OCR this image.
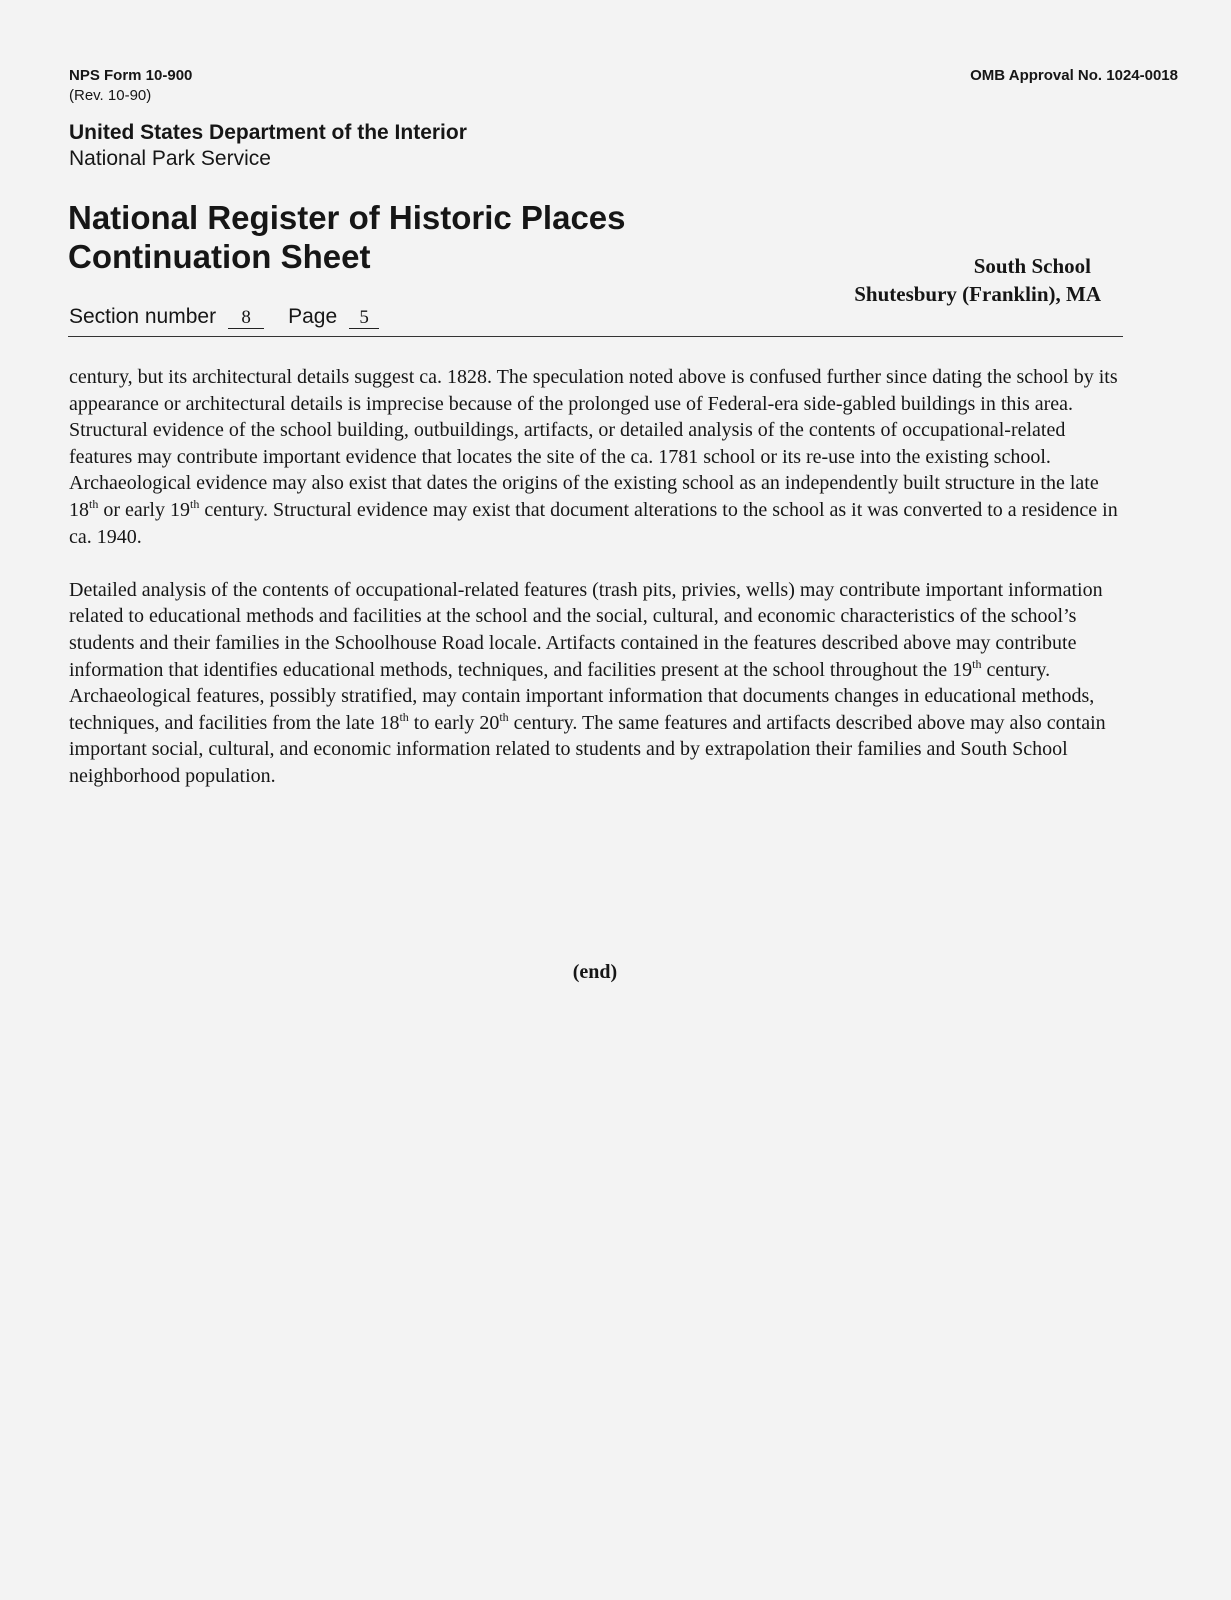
NPS Form 10-900
(Rev. 10-90)
OMB Approval No. 1024-0018
United States Department of the Interior
National Park Service
National Register of Historic Places
Continuation Sheet	South School
Shutesbury (Franklin), MA
Section number 8 Page 5

century, but its architectural details suggest ca. 1828. The speculation noted above is confused further since dating the school by its appearance or architectural details is imprecise because of the prolonged use of Federal-era side-gabled buildings in this area. Structural evidence of the school building, outbuildings, artifacts, or detailed analysis of the contents of occupational-related features may contribute important evidence that locates the site of the ca. 1781 school or its re-use into the existing school. Archaeological evidence may also exist that dates the origins of the existing school as an independently built structure in the late 18th or early 19th century. Structural evidence may exist that document alterations to the school as it was converted to a residence in ca. 1940.

Detailed analysis of the contents of occupational-related features (trash pits, privies, wells) may contribute important information related to educational methods and facilities at the school and the social, cultural, and economic characteristics of the school’s students and their families in the Schoolhouse Road locale. Artifacts contained in the features described above may contribute information that identifies educational methods, techniques, and facilities present at the school throughout the 19th century. Archaeological features, possibly stratified, may contain important information that documents changes in educational methods, techniques, and facilities from the late 18th to early 20th century. The same features and artifacts described above may also contain important social, cultural, and economic information related to students and by extrapolation their families and South School neighborhood population.

(end)
